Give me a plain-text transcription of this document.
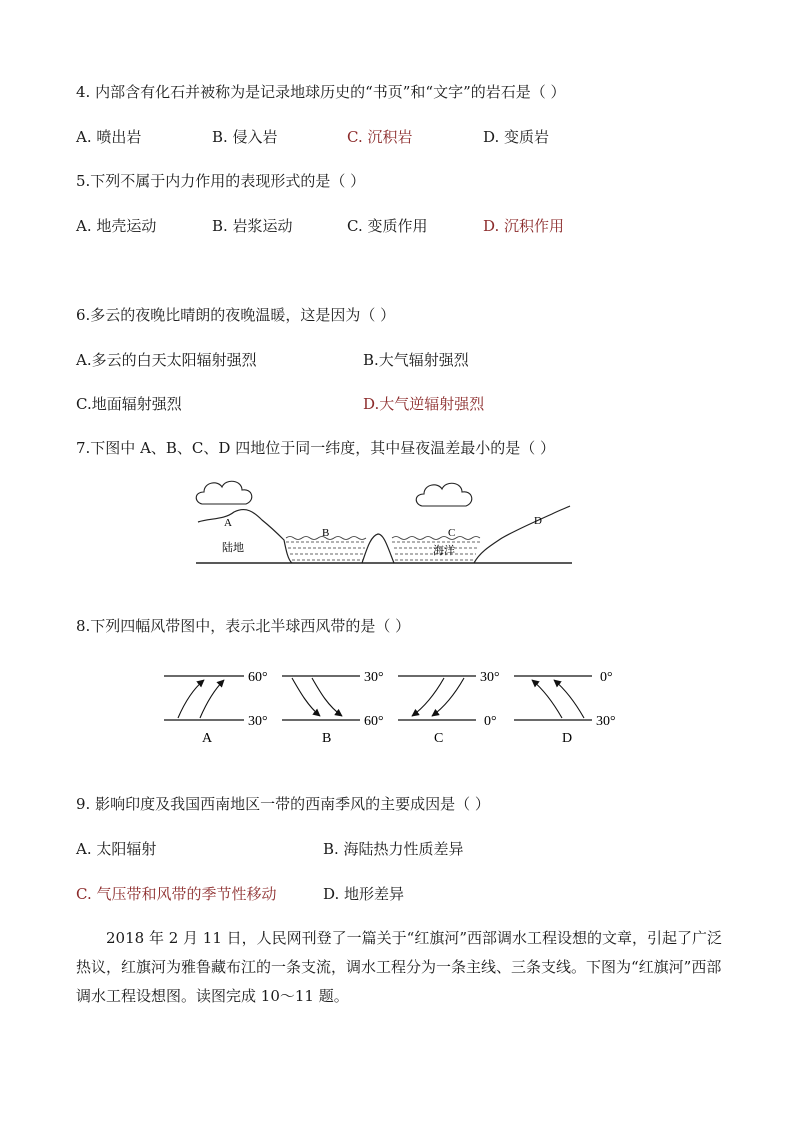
4. 内部含有化石并被称为是记录地球历史的“书页”和“文字”的岩石是（ ）
A. 喷出岩	B. 侵入岩	C. 沉积岩	D. 变质岩
5.下列不属于内力作用的表现形式的是（ ）
A. 地壳运动	B. 岩浆运动	C. 变质作用	D. 沉积作用
6.多云的夜晚比晴朗的夜晚温暖，这是因为（ ）
A.多云的白天太阳辐射强烈	B.大气辐射强烈
C.地面辐射强烈	D.大气逆辐射强烈
7.下图中 A、B、C、D 四地位于同一纬度，其中昼夜温差最小的是（ ）
A
B	C
D
陆地	海洋
8.下列四幅风带图中，表示北半球西风带的是（ ）
60°
30°
A
30°
60°
B
30°
0°
C
0°
30°
D
9. 影响印度及我国西南地区一带的西南季风的主要成因是（ ）
A. 太阳辐射	B. 海陆热力性质差异
C. 气压带和风带的季节性移动	D. 地形差异
2018 年 2 月 11 日，人民网刊登了一篇关于“红旗河”西部调水工程设想的文章，引起了广泛热议，红旗河为雅鲁藏布江的一条支流，调水工程分为一条主线、三条支线。下图为“红旗河”西部调水工程设想图。读图完成 10～11 题。
